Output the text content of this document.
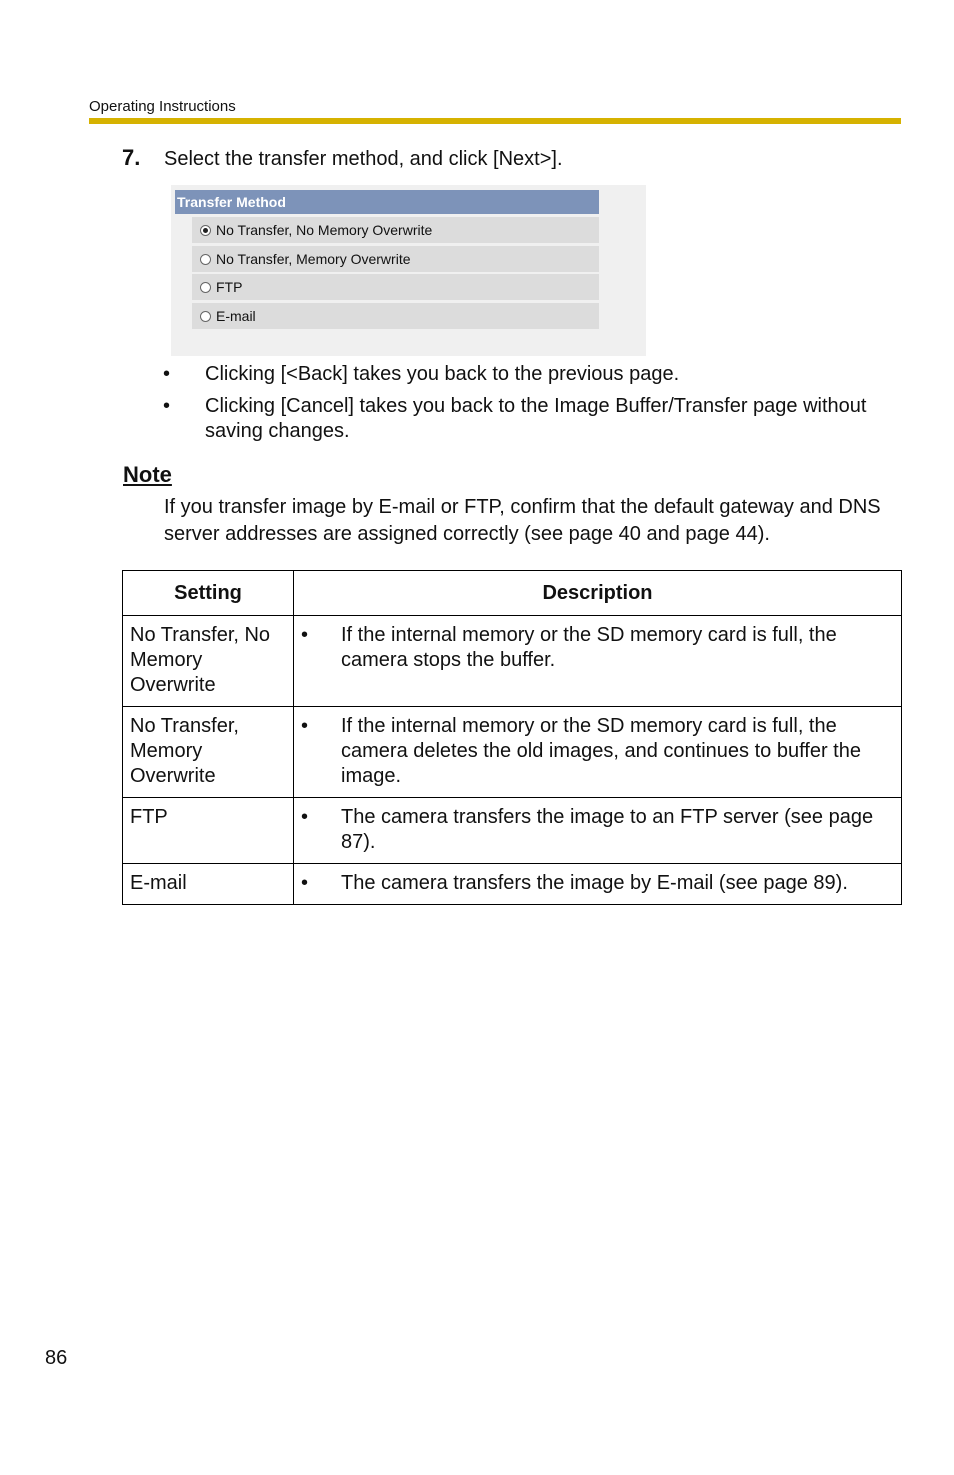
Operating Instructions
7. Select the transfer method, and click [Next>].
Transfer Method
No Transfer, No Memory Overwrite
No Transfer, Memory Overwrite
FTP
E-mail
• Clicking [<Back] takes you back to the previous page.
• Clicking [Cancel] takes you back to the Image Buffer/Transfer page without saving changes.
Note
If you transfer image by E-mail or FTP, confirm that the default gateway and DNS server addresses are assigned correctly (see page 40 and page 44).
Setting	Description
No Transfer, No Memory Overwrite	• If the internal memory or the SD memory card is full, the camera stops the buffer.

No Transfer, Memory Overwrite	• If the internal memory or the SD memory card is full, the camera deletes the old images, and continues to buffer the image.

FTP	• The camera transfers the image to an FTP server (see page 87).

E-mail	• The camera transfers the image by E-mail (see page 89).
86
